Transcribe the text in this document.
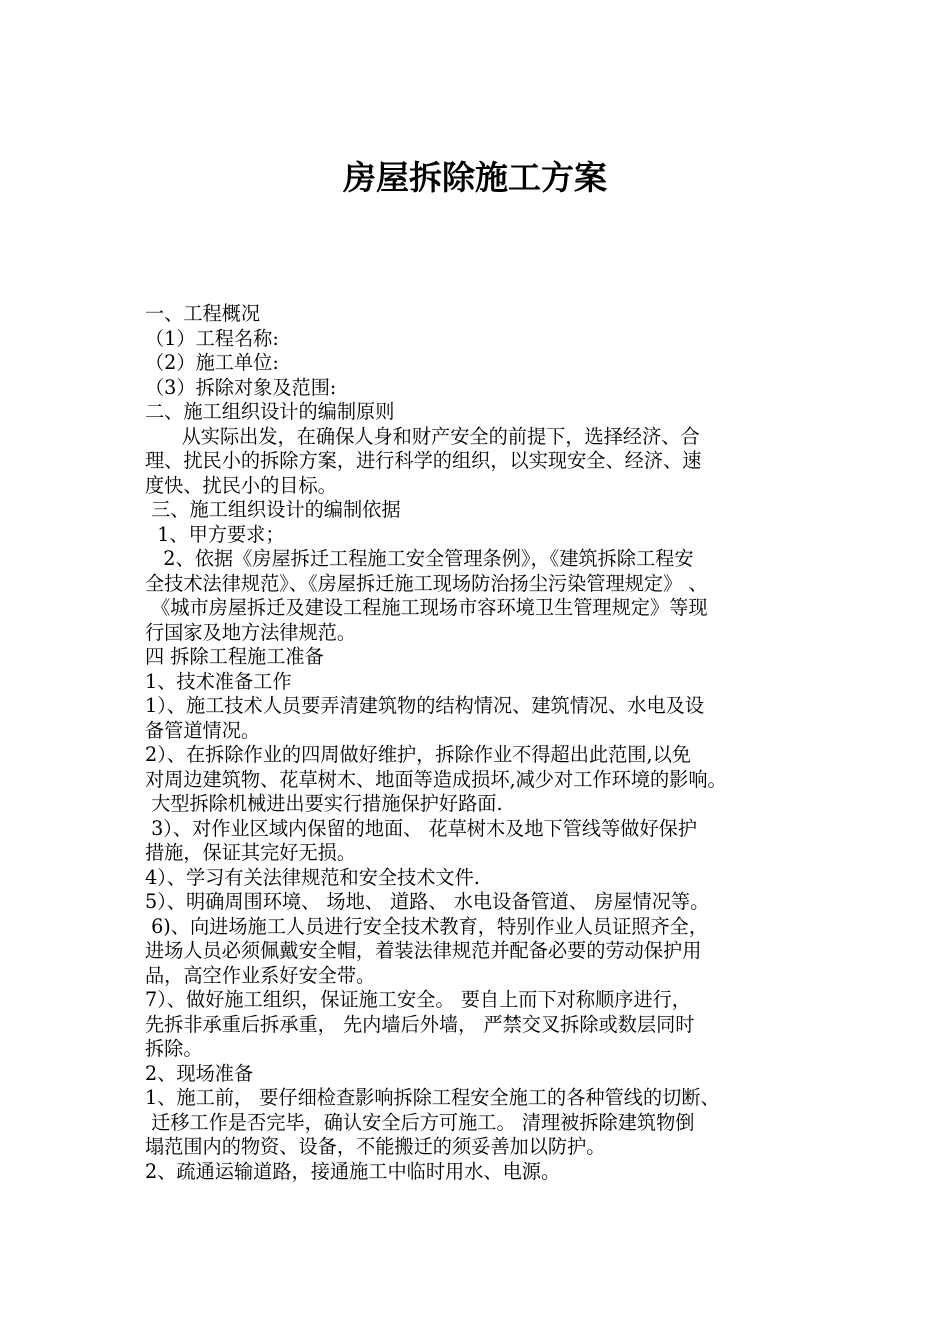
房屋拆除施工方案
一、工程概况
（1）工程名称:
（2）施工单位:
（3）拆除对象及范围:
二、施工组织设计的编制原则
从实际出发，在确保人身和财产安全的前提下，选择经济、合
理、扰民小的拆除方案，进行科学的组织，以实现安全、经济、速
度快、扰民小的目标。
三、施工组织设计的编制依据
1、甲方要求；
2、依据《房屋拆迁工程施工安全管理条例》，《建筑拆除工程安
全技术法律规范》、《房屋拆迁施工现场防治扬尘污染管理规定》 、
《城市房屋拆迁及建设工程施工现场市容环境卫生管理规定》等现
行国家及地方法律规范。
四 拆除工程施工准备
1、技术准备工作
1）、施工技术人员要弄清建筑物的结构情况、建筑情况、水电及设
备管道情况。
2）、在拆除作业的四周做好维护，拆除作业不得超出此范围,以免
对周边建筑物、花草树木、地面等造成损坏,减少对工作环境的影响。
大型拆除机械进出要实行措施保护好路面.
3）、对作业区域内保留的地面、 花草树木及地下管线等做好保护
措施，保证其完好无损。
4）、学习有关法律规范和安全技术文件.
5）、明确周围环境、 场地、 道路、 水电设备管道、 房屋情况等。
6)、向进场施工人员进行安全技术教育，特别作业人员证照齐全，
进场人员必须佩戴安全帽，着装法律规范并配备必要的劳动保护用
品，高空作业系好安全带。
7）、做好施工组织，保证施工安全。 要自上而下对称顺序进行，
先拆非承重后拆承重， 先内墙后外墙， 严禁交叉拆除或数层同时
拆除。
2、现场准备
1、施工前， 要仔细检查影响拆除工程安全施工的各种管线的切断、
迁移工作是否完毕，确认安全后方可施工。 清理被拆除建筑物倒
塌范围内的物资、设备，不能搬迁的须妥善加以防护。
2、疏通运输道路，接通施工中临时用水、电源。
